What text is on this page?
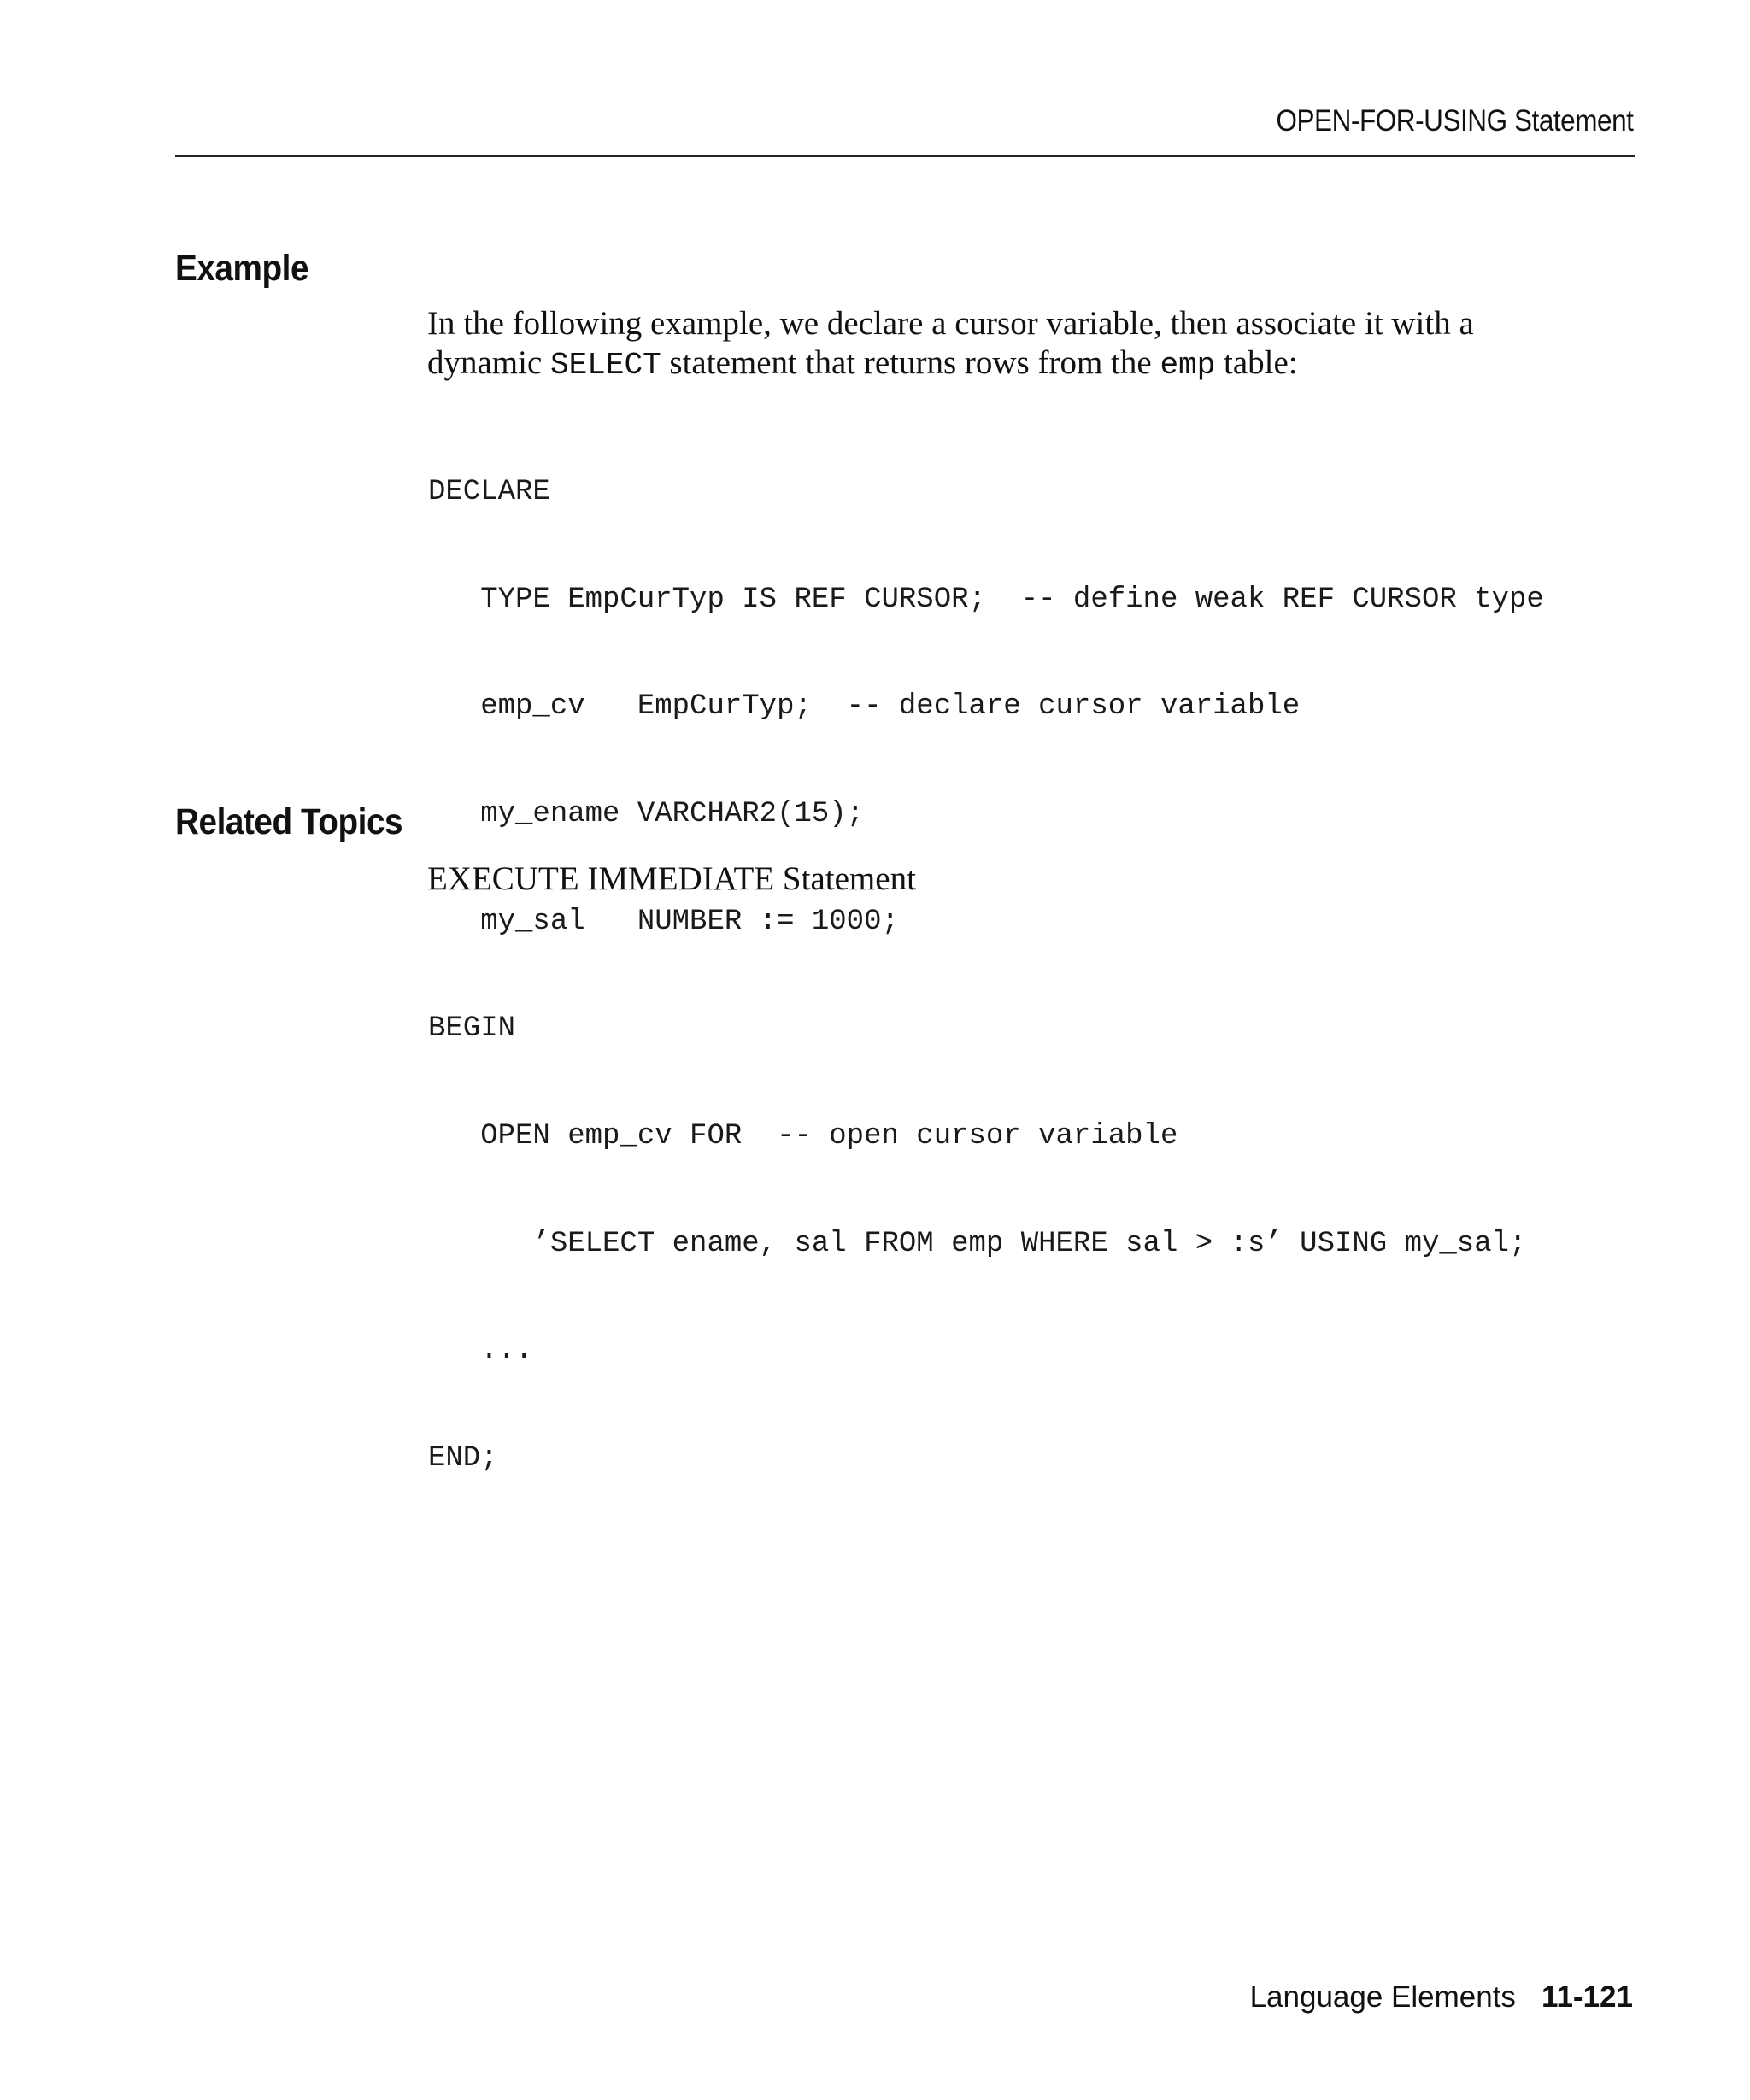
OPEN-FOR-USING Statement
Example
In the following example, we declare a cursor variable, then associate it with a
dynamic SELECT statement that returns rows from the emp table:

DECLARE

TYPE EmpCurTyp IS REF CURSOR;  -- define weak REF CURSOR type

emp_cv   EmpCurTyp;  -- declare cursor variable

my_ename VARCHAR2(15);

my_sal   NUMBER := 1000;

BEGIN

OPEN emp_cv FOR  -- open cursor variable

’SELECT ename, sal FROM emp WHERE sal > :s’ USING my_sal;

...

END;

Related Topics
EXECUTE IMMEDIATE Statement
Language Elements 11-121
